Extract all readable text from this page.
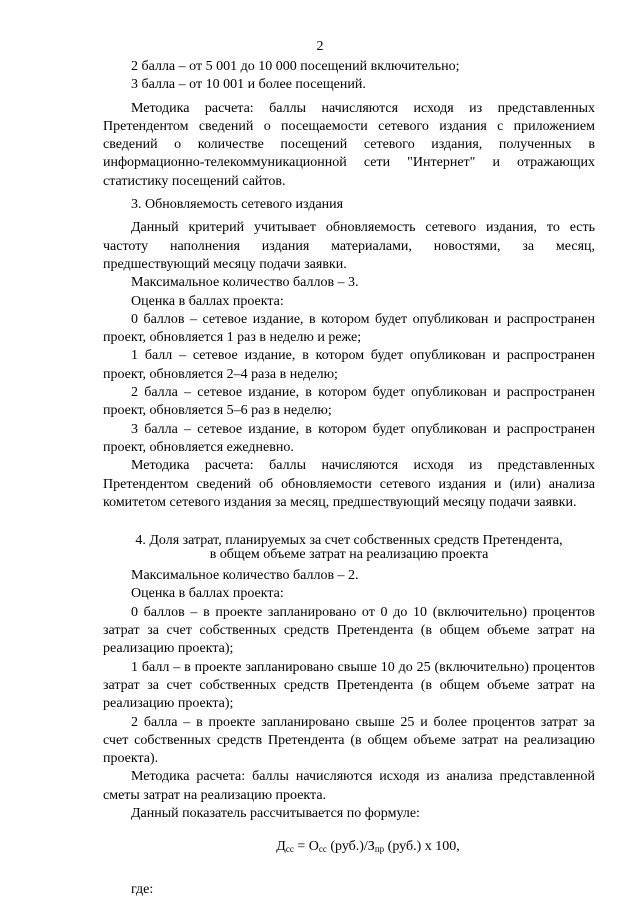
2

2 балла – от 5 001 до 10 000 посещений включительно;

3 балла – от 10 001 и более посещений.

Методика расчета: баллы начисляются исходя из представленных Претендентом сведений о посещаемости сетевого издания с приложением сведений о количестве посещений сетевого издания, полученных в информационно-телекоммуникационной сети "Интернет" и отражающих статистику посещений сайтов.

3. Обновляемость сетевого издания

Данный критерий учитывает обновляемость сетевого издания, то есть частоту наполнения издания материалами, новостями, за месяц, предшествующий месяцу подачи заявки.

Максимальное количество баллов – 3.

Оценка в баллах проекта:

0 баллов – сетевое издание, в котором будет опубликован и распространен проект, обновляется 1 раз в неделю и реже;

1 балл – сетевое издание, в котором будет опубликован и распространен проект, обновляется 2–4 раза в неделю;

2 балла – сетевое издание, в котором будет опубликован и распространен проект, обновляется 5–6 раз в неделю;

3 балла – сетевое издание, в котором будет опубликован и распространен проект, обновляется ежедневно.

Методика расчета: баллы начисляются исходя из представленных Претендентом сведений об обновляемости сетевого издания и (или) анализа комитетом сетевого издания за месяц, предшествующий месяцу подачи заявки.

4. Доля затрат, планируемых за счет собственных средств Претендента,
в общем объеме затрат на реализацию проекта

Максимальное количество баллов – 2.

Оценка в баллах проекта:

0 баллов – в проекте запланировано от 0 до 10 (включительно) процентов затрат за счет собственных средств Претендента (в общем объеме затрат на реализацию проекта);

1 балл – в проекте запланировано свыше 10 до 25 (включительно) процентов затрат за счет собственных средств Претендента (в общем объеме затрат на реализацию проекта);

2 балла – в проекте запланировано свыше 25 и более процентов затрат за счет собственных средств Претендента (в общем объеме затрат на реализацию проекта).

Методика расчета: баллы начисляются исходя из анализа представленной сметы затрат на реализацию проекта.

Данный показатель рассчитывается по формуле:

$Д_{сс} = О_{сс}$ $(руб.)/З_{пр}$ (руб.) х 100,

где:
